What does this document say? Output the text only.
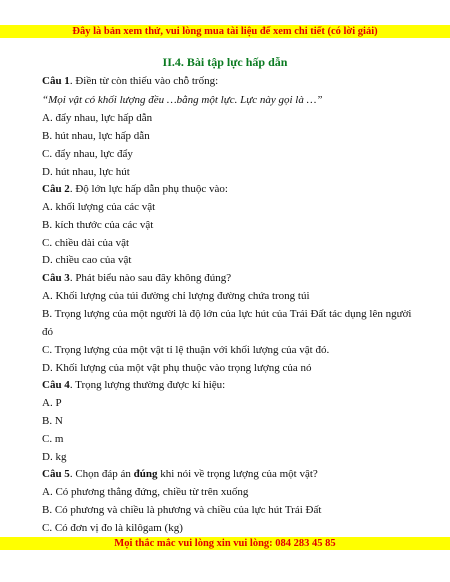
Đây là bản xem thử, vui lòng mua tài liệu để xem chi tiết (có lời giải)
II.4. Bài tập lực hấp dẫn
Câu 1. Điền từ còn thiếu vào chỗ trống:
“Mọi vật có khối lượng đều …bằng một lực. Lực này gọi là …”
A. đẩy nhau, lực hấp dẫn
B. hút nhau, lực hấp dẫn
C. đẩy nhau, lực đẩy
D. hút nhau, lực hút
Câu 2. Độ lớn lực hấp dẫn phụ thuộc vào:
A. khối lượng của các vật
B. kích thước của các vật
C. chiều dài của vật
D. chiều cao của vật
Câu 3. Phát biểu nào sau đây không đúng?
A. Khối lượng của túi đường chỉ lượng đường chứa trong túi
B. Trọng lượng của một người là độ lớn của lực hút của Trái Đất tác dụng lên người
đó
C. Trọng lượng của một vật tỉ lệ thuận với khối lượng của vật đó.
D. Khối lượng của một vật phụ thuộc vào trọng lượng của nó
Câu 4. Trọng lượng thường được kí hiệu:
A. P
B. N
C. m
D. kg
Câu 5. Chọn đáp án đúng khi nói về trọng lượng của một vật?
A. Có phương thẳng đứng, chiều từ trên xuống
B. Có phương và chiều là phương và chiều của lực hút Trái Đất
C. Có đơn vị đo là kilôgam (kg)
Mọi thắc mắc vui lòng xin vui lòng: 084 283 45 85
